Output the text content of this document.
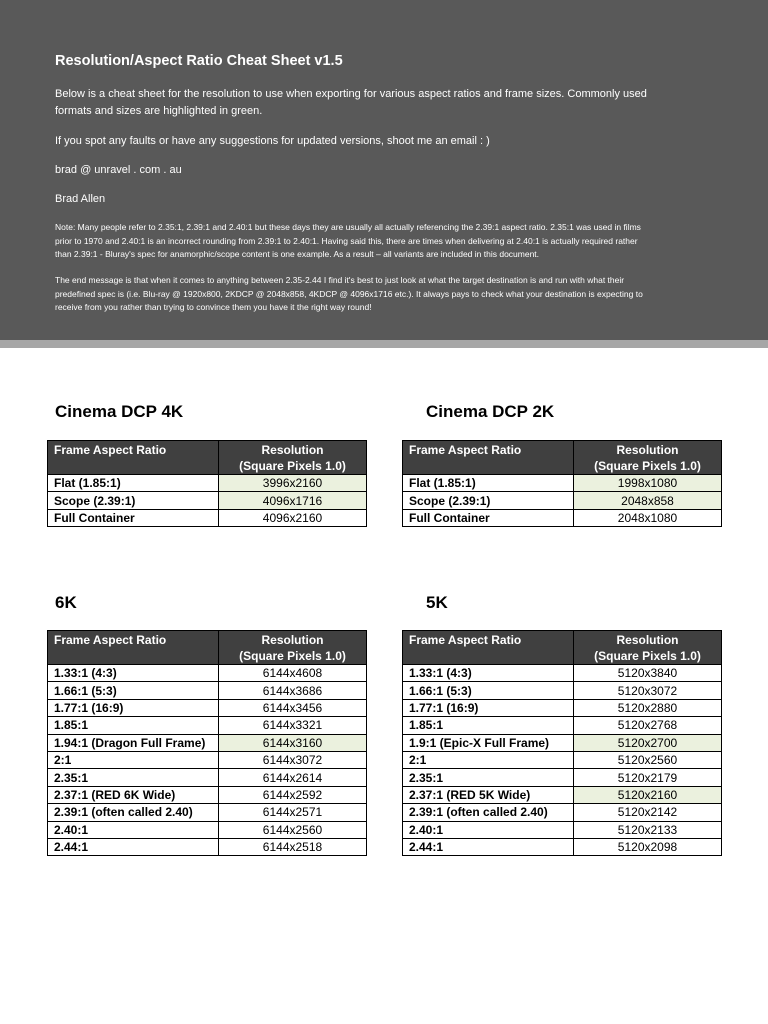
Resolution/Aspect Ratio Cheat Sheet v1.5
Below is a cheat sheet for the resolution to use when exporting for various aspect ratios and frame sizes. Commonly used
formats and sizes are highlighted in green.
If you spot any faults or have any suggestions for updated versions, shoot me an email : )
brad @ unravel . com . au
Brad Allen
Note: Many people refer to 2.35:1, 2.39:1 and 2.40:1 but these days they are usually all actually referencing the 2.39:1 aspect ratio. 2.35:1 was used in films
prior to 1970 and 2.40:1 is an incorrect rounding from 2.39:1 to 2.40:1. Having said this, there are times when delivering at 2.40:1 is actually required rather
than 2.39:1 - Bluray's spec for anamorphic/scope content is one example. As a result – all variants are included in this document.
The end message is that when it comes to anything between 2.35-2.44 I find it's best to just look at what the target destination is and run with what their
predefined spec is (i.e. Blu-ray @ 1920x800, 2KDCP @ 2048x858, 4KDCP @ 4096x1716 etc.). It always pays to check what your destination is expecting to
receive from you rather than trying to convince them you have it the right way round!
Cinema DCP 4K
Frame Aspect Ratio	Resolution
(Square Pixels 1.0)

Flat (1.85:1)	3996x2160
Scope (2.39:1)	4096x1716
Full Container	4096x2160
Cinema DCP 2K
Frame Aspect Ratio	Resolution
(Square Pixels 1.0)

Flat (1.85:1)	1998x1080
Scope (2.39:1)	2048x858
Full Container	2048x1080
6K
Frame Aspect Ratio	Resolution
(Square Pixels 1.0)

1.33:1 (4:3)	6144x4608
1.66:1 (5:3)	6144x3686
1.77:1 (16:9)	6144x3456
1.85:1	6144x3321
1.94:1 (Dragon Full Frame)	6144x3160
2:1	6144x3072
2.35:1	6144x2614
2.37:1 (RED 6K Wide)	6144x2592
2.39:1 (often called 2.40)	6144x2571
2.40:1	6144x2560
2.44:1	6144x2518
5K
Frame Aspect Ratio	Resolution
(Square Pixels 1.0)

1.33:1 (4:3)	5120x3840
1.66:1 (5:3)	5120x3072
1.77:1 (16:9)	5120x2880
1.85:1	5120x2768
1.9:1 (Epic-X Full Frame)	5120x2700
2:1	5120x2560
2.35:1	5120x2179
2.37:1 (RED 5K Wide)	5120x2160
2.39:1 (often called 2.40)	5120x2142
2.40:1	5120x2133
2.44:1	5120x2098
